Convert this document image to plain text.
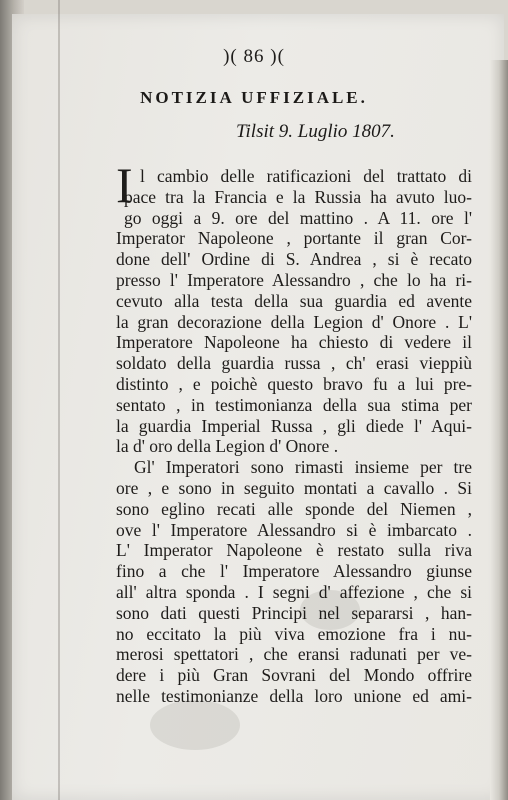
)( 86 )(
NOTIZIA UFFIZIALE.
Tilsit 9. Luglio 1807.
I l cambio delle ratificazioni del trattato di
pace tra la Francia e la Russia ha avuto luo-
go oggi a 9. ore del mattino . A 11. ore l'
Imperator Napoleone , portante il gran Cor-
done dell' Ordine di S. Andrea , si è recato
presso l' Imperatore Alessandro , che lo ha ri-
cevuto alla testa della sua guardia ed avente
la gran decorazione della Legion d' Onore . L'
Imperatore Napoleone ha chiesto di vedere il
soldato della guardia russa , ch' erasi vieppiù
distinto , e poichè questo bravo fu a lui pre-
sentato , in testimonianza della sua stima per
la guardia Imperial Russa , gli diede l' Aqui-
la d' oro della Legion d' Onore .
Gl' Imperatori sono rimasti insieme per tre
ore , e sono in seguito montati a cavallo . Si
sono eglino recati alle sponde del Niemen ,
ove l' Imperatore Alessandro si è imbarcato .
L' Imperator Napoleone è restato sulla riva
fino a che l' Imperatore Alessandro giunse
all' altra sponda . I segni d' affezione , che si
sono dati questi Principi nel separarsi , han-
no eccitato la più viva emozione fra i nu-
merosi spettatori , che eransi radunati per ve-
dere i più Gran Sovrani del Mondo offrire
nelle testimonianze della loro unione ed ami-
